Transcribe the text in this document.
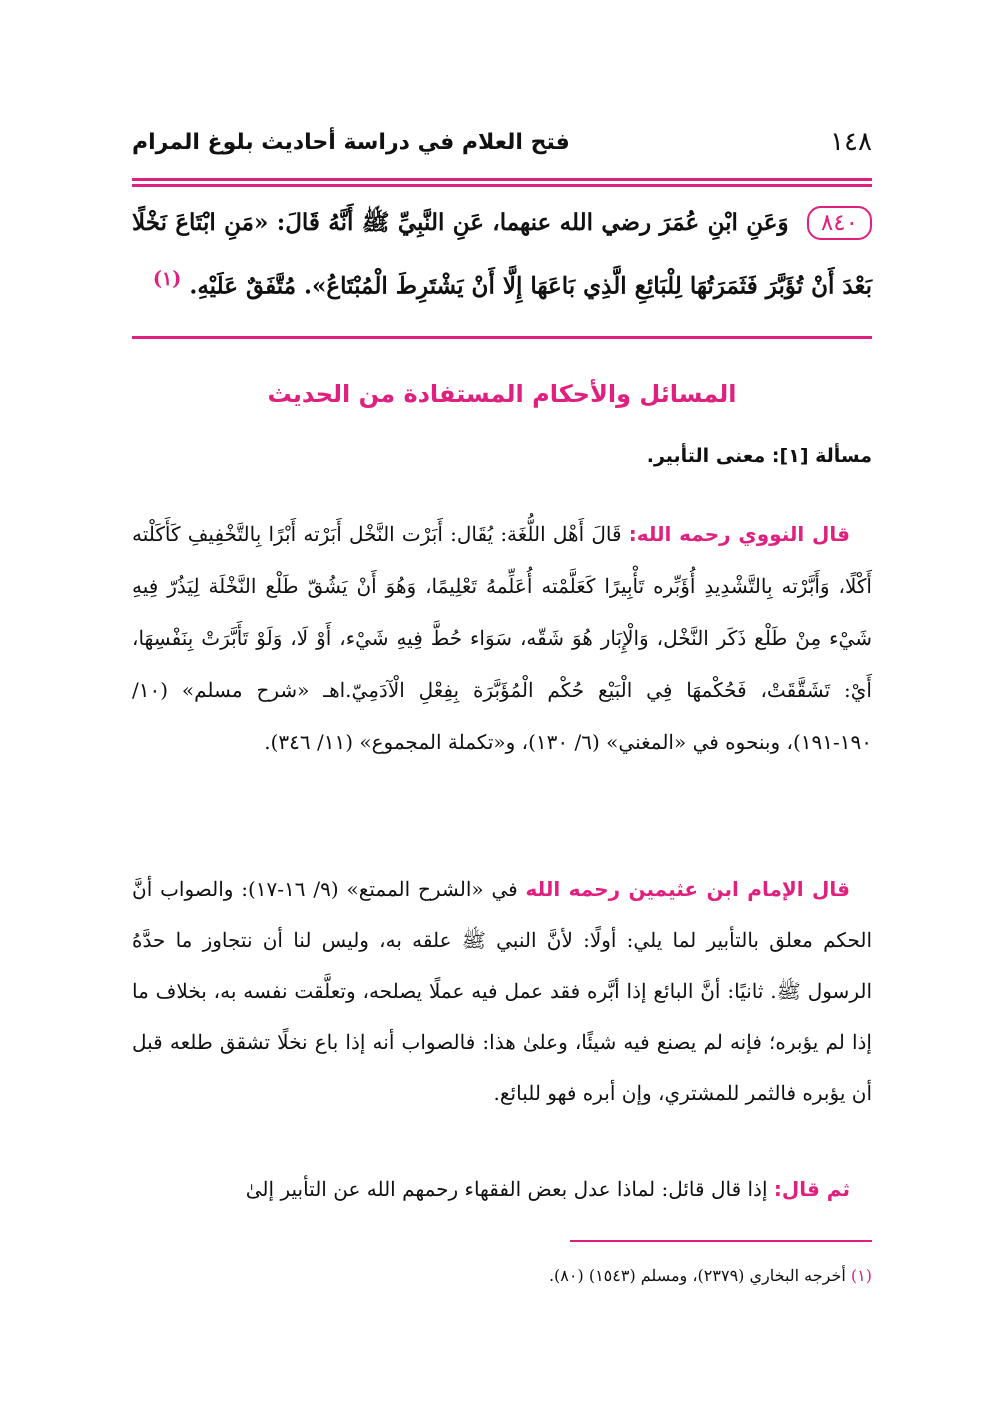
١٤٨
فتح العلام في دراسة أحاديث بلوغ المرام
٨٤٠ وَعَنِ ابْنِ عُمَرَ رضي الله عنهما، عَنِ النَّبِيِّ ﷺ أَنَّهُ قَالَ: «مَنِ ابْتَاعَ نَخْلًا بَعْدَ أَنْ تُؤَبَّرَ فَثَمَرَتُهَا لِلْبَائِعِ الَّذِي بَاعَهَا إِلَّا أَنْ يَشْتَرِطَ الْمُبْتَاعُ». مُتَّفَقٌ عَلَيْهِ. $^{(١)}$
المسائل والأحكام المستفادة من الحديث
مسألة [١]: معنى التأبير.

قال النووي رحمه الله: قَالَ أَهْل اللُّغَة: يُقَال: أَبَرْت النَّخْل أَبَرْته أَبْرًا بِالتَّخْفِيفِ كَأَكَلْته أَكْلًا، وَأَبَّرْته بِالتَّشْدِيدِ أُؤَبِّره تَأْبِيرًا كَعَلَّمْته أُعَلِّمهُ تَعْلِيمًا، وَهُوَ أَنْ يَشُقّ طَلْع النَّخْلَة لِيَذُرّ فِيهِ شَيْء مِنْ طَلْع ذَكَر النَّخْل، وَالْإِبَار هُوَ شَقّه، سَوَاء حُطَّ فِيهِ شَيْء، أَوْ لَا، وَلَوْ تَأَبَّرَتْ بِنَفْسِهَا، أَيْ: تَشَقَّقَتْ، فَحُكْمهَا فِي الْبَيْع حُكْم الْمُؤَبَّرَة بِفِعْلِ الْآدَمِيّ.اهـ «شرح مسلم» (١٠/ ١٩٠-١٩١)، وبنحوه في «المغني» (٦/ ١٣٠)، و«تكملة المجموع» (١١/ ٣٤٦).

قال الإمام ابن عثيمين رحمه الله في «الشرح الممتع» (٩/ ١٦-١٧): والصواب أنَّ الحكم معلق بالتأبير لما يلي: أولًا: لأنَّ النبي ﷺ علقه به، وليس لنا أن نتجاوز ما حدَّهُ الرسول ﷺ. ثانيًا: أنَّ البائع إذا أبَّره فقد عمل فيه عملًا يصلحه، وتعلَّقت نفسه به، بخلاف ما إذا لم يؤبره؛ فإنه لم يصنع فيه شيئًا، وعلىٰ هذا: فالصواب أنه إذا باع نخلًا تشقق طلعه قبل أن يؤبره فالثمر للمشتري، وإن أبره فهو للبائع.

ثم قال: إذا قال قائل: لماذا عدل بعض الفقهاء رحمهم الله عن التأبير إلىٰ

(١) أخرجه البخاري (٢٣٧٩)، ومسلم (١٥٤٣) (٨٠).
